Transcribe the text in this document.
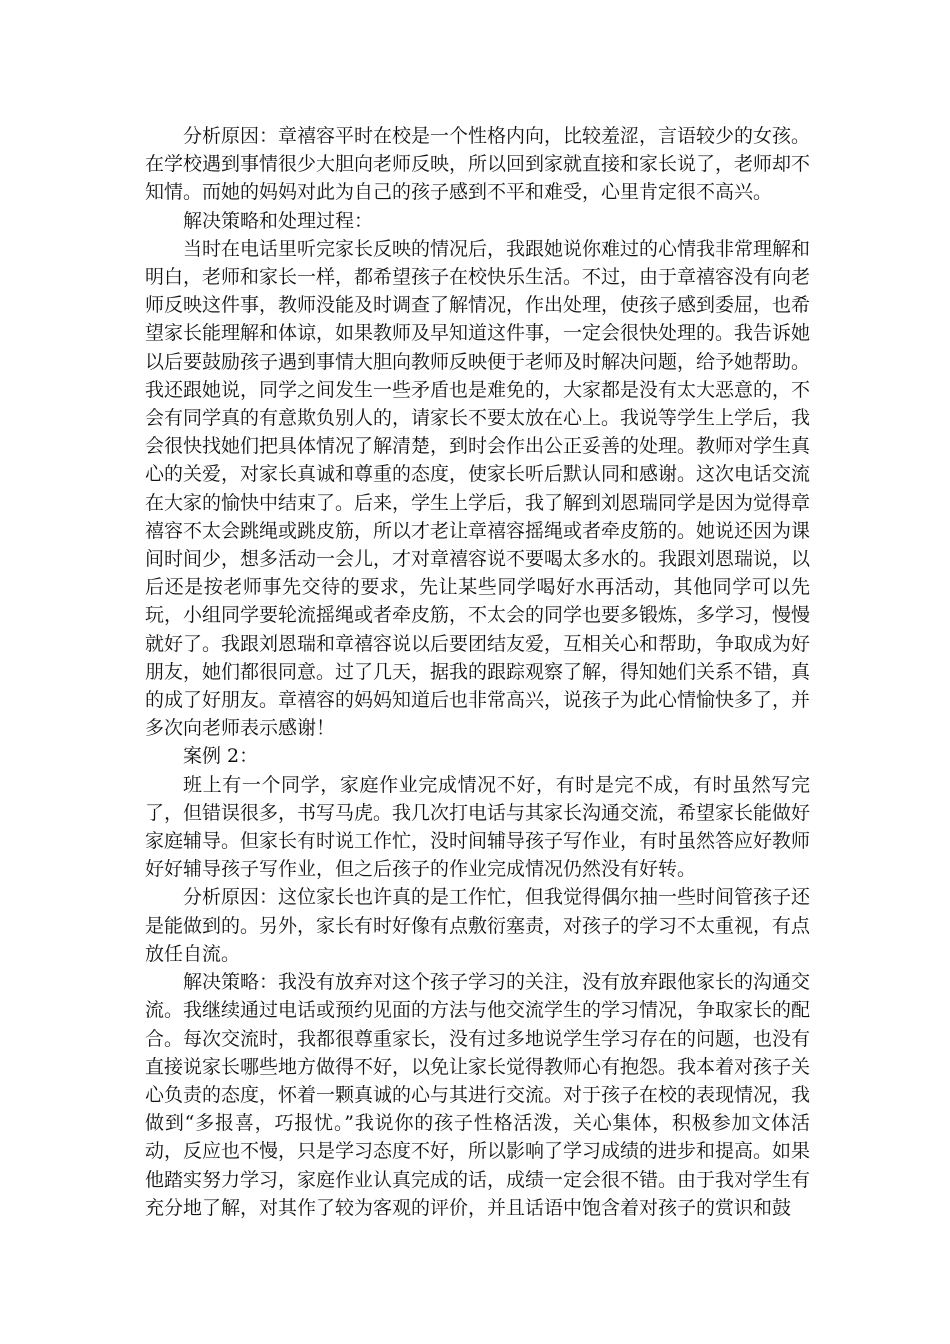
分析原因：章禧容平时在校是一个性格内向，比较羞涩，言语较少的女孩。在学校遇到事情很少大胆向老师反映，所以回到家就直接和家长说了，老师却不知情。而她的妈妈对此为自己的孩子感到不平和难受，心里肯定很不高兴。

解决策略和处理过程：

当时在电话里听完家长反映的情况后，我跟她说你难过的心情我非常理解和明白，老师和家长一样，都希望孩子在校快乐生活。不过，由于章禧容没有向老师反映这件事，教师没能及时调查了解情况，作出处理，使孩子感到委屈，也希望家长能理解和体谅，如果教师及早知道这件事，一定会很快处理的。我告诉她以后要鼓励孩子遇到事情大胆向教师反映便于老师及时解决问题，给予她帮助。我还跟她说，同学之间发生一些矛盾也是难免的，大家都是没有太大恶意的，不会有同学真的有意欺负别人的，请家长不要太放在心上。我说等学生上学后，我会很快找她们把具体情况了解清楚，到时会作出公正妥善的处理。教师对学生真心的关爱，对家长真诚和尊重的态度，使家长听后默认同和感谢。这次电话交流在大家的愉快中结束了。后来，学生上学后，我了解到刘恩瑞同学是因为觉得章禧容不太会跳绳或跳皮筋，所以才老让章禧容摇绳或者牵皮筋的。她说还因为课间时间少，想多活动一会儿，才对章禧容说不要喝太多水的。我跟刘恩瑞说，以后还是按老师事先交待的要求，先让某些同学喝好水再活动，其他同学可以先玩，小组同学要轮流摇绳或者牵皮筋，不太会的同学也要多锻炼，多学习，慢慢就好了。我跟刘恩瑞和章禧容说以后要团结友爱，互相关心和帮助，争取成为好朋友，她们都很同意。过了几天，据我的跟踪观察了解，得知她们关系不错，真的成了好朋友。章禧容的妈妈知道后也非常高兴，说孩子为此心情愉快多了，并多次向老师表示感谢！

案例 2：

班上有一个同学，家庭作业完成情况不好，有时是完不成，有时虽然写完了，但错误很多，书写马虎。我几次打电话与其家长沟通交流，希望家长能做好家庭辅导。但家长有时说工作忙，没时间辅导孩子写作业，有时虽然答应好教师好好辅导孩子写作业，但之后孩子的作业完成情况仍然没有好转。

分析原因：这位家长也许真的是工作忙，但我觉得偶尔抽一些时间管孩子还是能做到的。另外，家长有时好像有点敷衍塞责，对孩子的学习不太重视，有点放任自流。

解决策略：我没有放弃对这个孩子学习的关注，没有放弃跟他家长的沟通交流。我继续通过电话或预约见面的方法与他交流学生的学习情况，争取家长的配合。每次交流时，我都很尊重家长，没有过多地说学生学习存在的问题，也没有直接说家长哪些地方做得不好，以免让家长觉得教师心有抱怨。我本着对孩子关心负责的态度，怀着一颗真诚的心与其进行交流。对于孩子在校的表现情况，我做到“多报喜，巧报忧。”我说你的孩子性格活泼，关心集体，积极参加文体活动，反应也不慢，只是学习态度不好，所以影响了学习成绩的进步和提高。如果他踏实努力学习，家庭作业认真完成的话，成绩一定会很不错。由于我对学生有充分地了解，对其作了较为客观的评价，并且话语中饱含着对孩子的赏识和鼓
